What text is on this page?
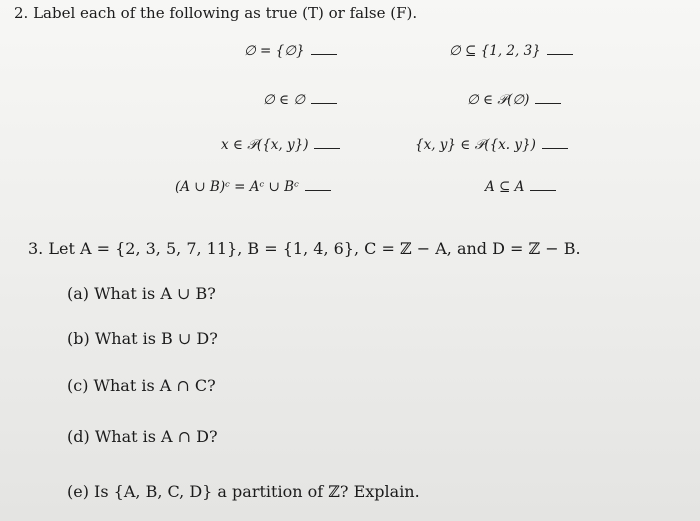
2. Label each of the following as true (T) or false (F).
∅ = {∅}
∅ ∈ ∅
x ∈ 𝒫({x, y})
(A ∪ B)ᶜ = Aᶜ ∪ Bᶜ
∅ ⊆ {1, 2, 3}
∅ ∈ 𝒫(∅)
{x, y} ∈ 𝒫({x. y})
A ⊆ A
3. Let A = {2, 3, 5, 7, 11}, B = {1, 4, 6}, C = ℤ − A, and D = ℤ − B.
(a) What is A ∪ B?
(b) What is B ∪ D?
(c) What is A ∩ C?
(d) What is A ∩ D?
(e) Is {A, B, C, D} a partition of ℤ? Explain.
